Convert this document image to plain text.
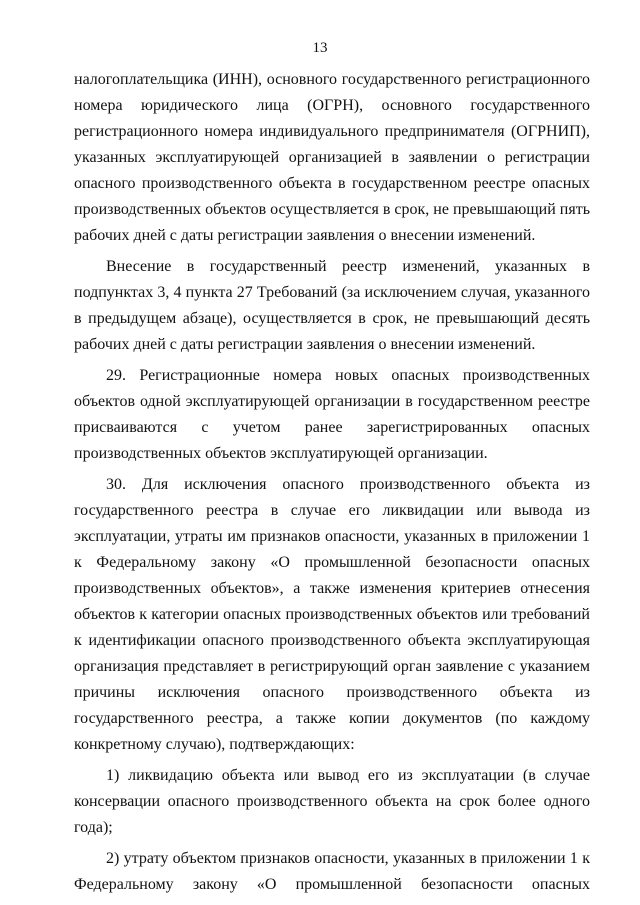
13

налогоплательщика (ИНН), основного государственного регистрационного номера юридического лица (ОГРН), основного государственного регистрационного номера индивидуального предпринимателя (ОГРНИП), указанных эксплуатирующей организацией в заявлении о регистрации опасного производственного объекта в государственном реестре опасных производственных объектов осуществляется в срок, не превышающий пять рабочих дней с даты регистрации заявления о внесении изменений.

Внесение в государственный реестр изменений, указанных в подпунктах 3, 4 пункта 27 Требований (за исключением случая, указанного в предыдущем абзаце), осуществляется в срок, не превышающий десять рабочих дней с даты регистрации заявления о внесении изменений.

29. Регистрационные номера новых опасных производственных объектов одной эксплуатирующей организации в государственном реестре присваиваются с учетом ранее зарегистрированных опасных производственных объектов эксплуатирующей организации.

30. Для исключения опасного производственного объекта из государственного реестра в случае его ликвидации или вывода из эксплуатации, утраты им признаков опасности, указанных в приложении 1 к Федеральному закону «О промышленной безопасности опасных производственных объектов», а также изменения критериев отнесения объектов к категории опасных производственных объектов или требований к идентификации опасного производственного объекта эксплуатирующая организация представляет в регистрирующий орган заявление с указанием причины исключения опасного производственного объекта из государственного реестра, а также копии документов (по каждому конкретному случаю), подтверждающих:

1) ликвидацию объекта или вывод его из эксплуатации (в случае консервации опасного производственного объекта на срок более одного года);

2) утрату объектом признаков опасности, указанных в приложении 1 к Федеральному закону «О промышленной безопасности опасных
